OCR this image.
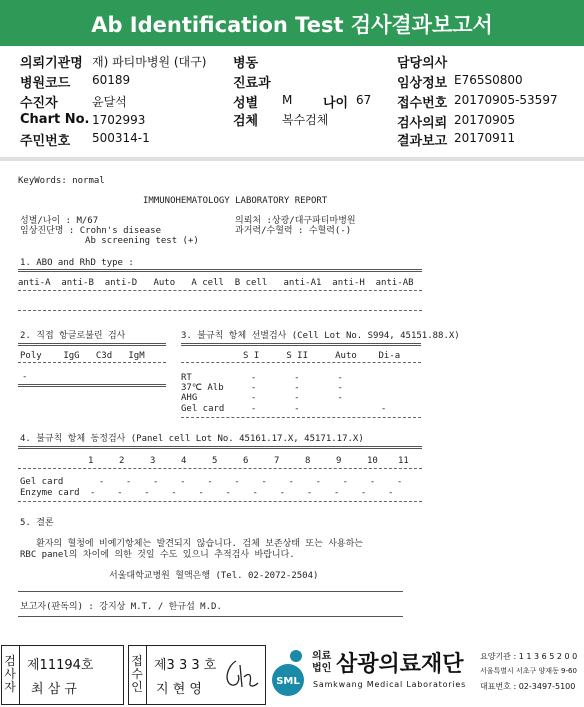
Ab Identification Test 검사결과보고서
의뢰기관명 재) 파티마병원 (대구)
병원코드 60189
수진자	윤달석
Chart No. 1702993
주민번호 500314-1
병동
진료과
성별 M 나이 67
검체 복수검체
담당의사
임상정보 E765S0800
접수번호 20170905-53597
검사의뢰 20170905
결과보고 20170911
KeyWords: normal
IMMUNOHEMATOLOGY LABORATORY REPORT
성별/나이 : M/67
임상진단명 : Crohn's disease
Ab screening test (+)
의뢰처 :상광/대구파티마병원
과거력/수혈력 : 수혈력(-)
1. ABO and RhD type :
anti-A  anti-B  anti-D   Auto   A cell  B cell   anti-A1  anti-H  anti-AB
2. 직접 항글로불린 검사
Poly    IgG   C3d   IgM
-
3. 불규칙 항체 선별검사 (Cell Lot No. S994, 45151.88.X)
S I     S II     Auto    Di-a
RT	-       -       -
37℃ Alb -       -       -
AHG	-       -       -
Gel card -       -               -
4. 불규칙 항체 동정검사 (Panel cell Lot No. 45161.17.X, 45171.17.X)
1	2	3	4	5	6	7	8	9	10 11
Gel card	-    -    -    -    -    -    -    -    -    -    -    -
Enzyme card -    -    -    -    -    -    -    -    -    -    -    -
5. 결론
환자의 혈청에 비예기항체는 발견되지 않습니다. 검체 보존상태 또는 사용하는
RBC panel의 차이에 의한 것일 수도 있으니 추적검사 바랍니다.
서울대학교병원 혈액은행 (Tel. 02-2072-2504)
보고자(판독의) : 강지상 M.T. / 한규섭 M.D.
검
사
자
제11194호
최 삼 규
접
수
인
제3 3 3 호
지 현 영
SML
의료
법인 삼광의료재단
Samkwang Medical Laboratories
요양기관 : 1 1 3 6 5 2 0 0
서울특별시 서초구 양재동 9-60
대표번호 : 02-3497-5100
